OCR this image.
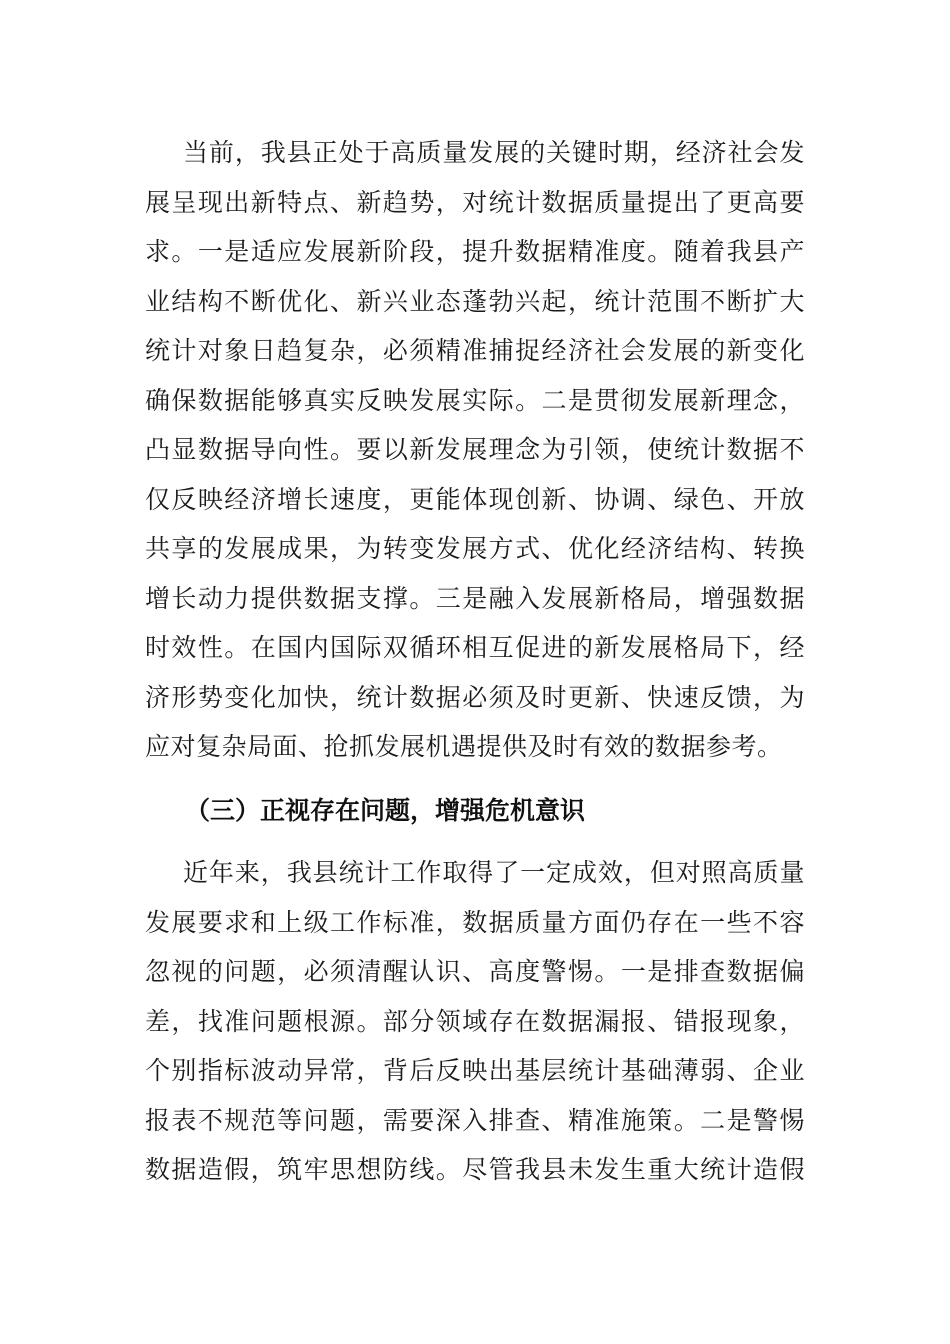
当前，我县正处于高质量发展的关键时期，经济社会发
展呈现出新特点、新趋势，对统计数据质量提出了更高要
求。一是适应发展新阶段，提升数据精准度。随着我县产
业结构不断优化、新兴业态蓬勃兴起，统计范围不断扩大
统计对象日趋复杂，必须精准捕捉经济社会发展的新变化
确保数据能够真实反映发展实际。二是贯彻发展新理念，
凸显数据导向性。要以新发展理念为引领，使统计数据不
仅反映经济增长速度，更能体现创新、协调、绿色、开放
共享的发展成果，为转变发展方式、优化经济结构、转换
增长动力提供数据支撑。三是融入发展新格局，增强数据
时效性。在国内国际双循环相互促进的新发展格局下，经
济形势变化加快，统计数据必须及时更新、快速反馈，为
应对复杂局面、抢抓发展机遇提供及时有效的数据参考。
（三）正视存在问题，增强危机意识
近年来，我县统计工作取得了一定成效，但对照高质量
发展要求和上级工作标准，数据质量方面仍存在一些不容
忽视的问题，必须清醒认识、高度警惕。一是排查数据偏
差，找准问题根源。部分领域存在数据漏报、错报现象，
个别指标波动异常，背后反映出基层统计基础薄弱、企业
报表不规范等问题，需要深入排查、精准施策。二是警惕
数据造假，筑牢思想防线。尽管我县未发生重大统计造假
